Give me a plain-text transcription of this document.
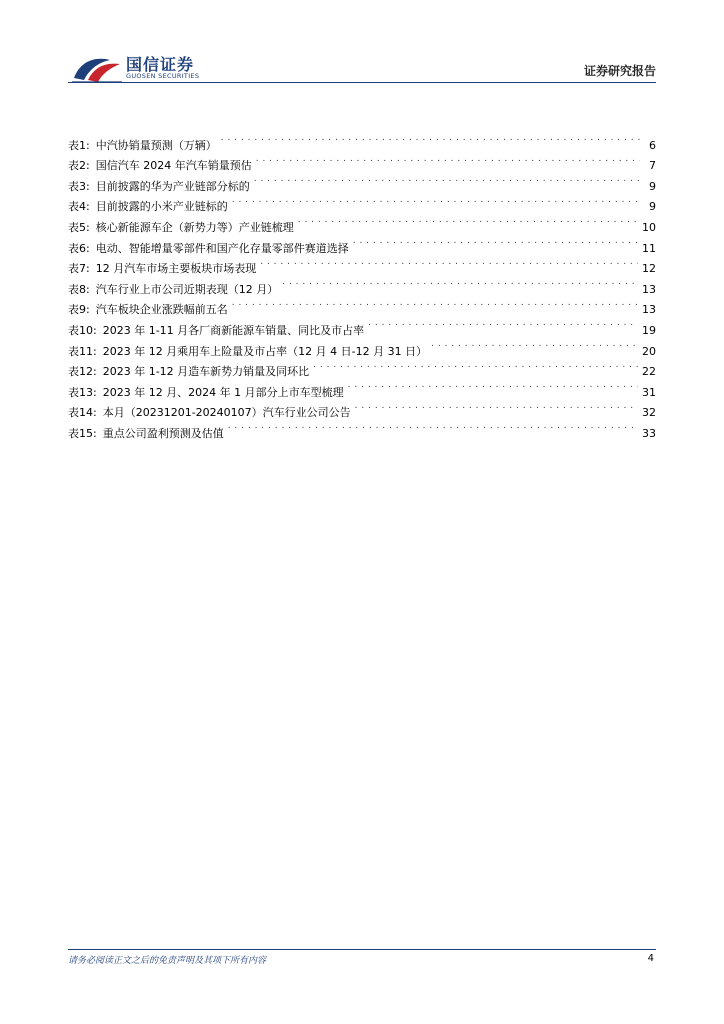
国信证券
GUOSEN SECURITIES	证券研究报告
表1: 中汽协销量预测（万辆） . . .	6
表2: 国信汽车 2024 年汽车销量预估 . . .	7
表3: 目前披露的华为产业链部分标的 . . .	9
表4: 目前披露的小米产业链标的 . . .	9
表5: 核心新能源车企（新势力等）产业链梳理 . . .	10
表6: 电动、智能增量零部件和国产化存量零部件赛道选择 . . .	11
表7: 12 月汽车市场主要板块市场表现 . . .	12
表8: 汽车行业上市公司近期表现（12 月） . . .	13
表9: 汽车板块企业涨跌幅前五名 . . .	13
表10: 2023 年 1-11 月各厂商新能源车销量、同比及市占率 . . .	19
表11: 2023 年 12 月乘用车上险量及市占率（12 月 4 日-12 月 31 日） . . .	20
表12: 2023 年 1-12 月造车新势力销量及同环比 . . .	22
表13: 2023 年 12 月、2024 年 1 月部分上市车型梳理 . . .	31
表14: 本月（20231201-20240107）汽车行业公司公告 . . .	32
表15: 重点公司盈利预测及估值 . . .	33
请务必阅读正文之后的免责声明及其项下所有内容	4
